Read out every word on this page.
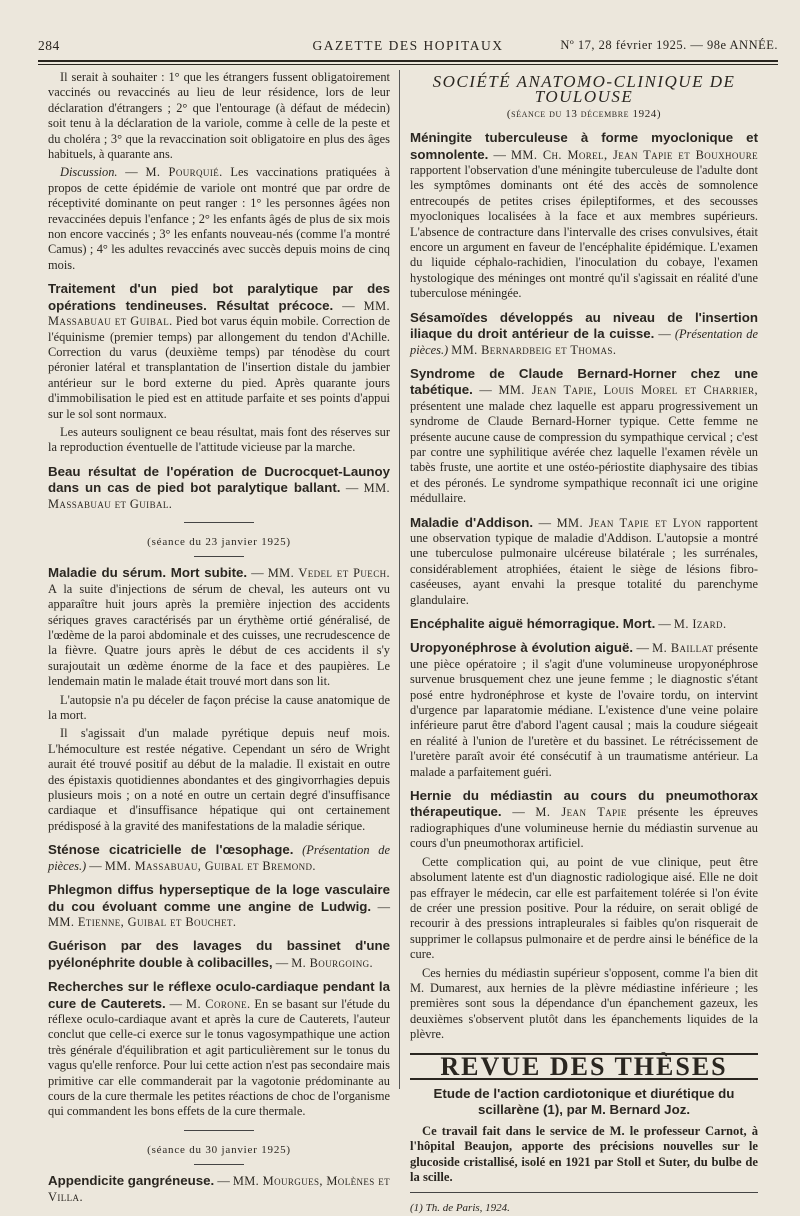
284	GAZETTE DES HOPITAUX	Nº 17, 28 février 1925. — 98e ANNÉE.

Il serait à souhaiter : 1° que les étrangers fussent obligatoirement vaccinés ou revaccinés au lieu de leur résidence, lors de leur déclaration d'étrangers ; 2° que l'entourage (à défaut de médecin) soit tenu à la déclaration de la variole, comme à celle de la peste et du choléra ; 3° que la revaccination soit obligatoire en plus des âges habituels, à quarante ans.

Discussion. — M. Pourquié. Les vaccinations pratiquées à propos de cette épidémie de variole ont montré que par ordre de réceptivité dominante on peut ranger : 1° les personnes âgées non revaccinées depuis l'enfance ; 2° les enfants âgés de plus de six mois non encore vaccinés ; 3° les enfants nouveau-nés (comme l'a montré Camus) ; 4° les adultes revaccinés avec succès depuis moins de cinq mois.

Traitement d'un pied bot paralytique par des opérations tendineuses. Résultat précoce. — MM. Massabuau et Guibal. Pied bot varus équin mobile. Correction de l'équinisme (premier temps) par allongement du tendon d'Achille. Correction du varus (deuxième temps) par ténodèse du court péronier latéral et transplantation de l'insertion distale du jambier antérieur sur le bord externe du pied. Après quarante jours d'immobilisation le pied est en attitude parfaite et ses points d'appui sur le sol sont normaux.

Les auteurs soulignent ce beau résultat, mais font des réserves sur la reproduction éventuelle de l'attitude vicieuse par la marche.

Beau résultat de l'opération de Ducrocquet-Launoy dans un cas de pied bot paralytique ballant. — MM. Massabuau et Guibal.

(séance du 23 janvier 1925)

Maladie du sérum. Mort subite. — MM. Vedel et Puech. A la suite d'injections de sérum de cheval, les auteurs ont vu apparaître huit jours après la première injection des accidents sériques graves caractérisés par un érythème ortié généralisé, de l'œdème de la paroi abdominale et des cuisses, une recrudescence de la fièvre. Quatre jours après le début de ces accidents il s'y surajoutait un œdème énorme de la face et des paupières. Le lendemain matin le malade était trouvé mort dans son lit.

L'autopsie n'a pu déceler de façon précise la cause anatomique de la mort.

Il s'agissait d'un malade pyrétique depuis neuf mois. L'hémoculture est restée négative. Cependant un séro de Wright aurait été trouvé positif au début de la maladie. Il existait en outre des épistaxis quotidiennes abondantes et des gingivorrhagies depuis plusieurs mois ; on a noté en outre un certain degré d'insuffisance cardiaque et d'insuffisance hépatique qui ont certainement prédisposé à la gravité des manifestations de la maladie sérique.

Sténose cicatricielle de l'œsophage. (Présentation de pièces.) — MM. Massabuau, Guibal et Bremond.

Phlegmon diffus hyperseptique de la loge vasculaire du cou évoluant comme une angine de Ludwig. — MM. Etienne, Guibal et Bouchet.

Guérison par des lavages du bassinet d'une pyélonéphrite double à colibacilles, — M. Bourgoing.

Recherches sur le réflexe oculo-cardiaque pendant la cure de Cauterets. — M. Corone. En se basant sur l'étude du réflexe oculo-cardiaque avant et après la cure de Cauterets, l'auteur conclut que celle-ci exerce sur le tonus vagosympathique une action très générale d'équilibration et agit particulièrement sur le tonus du vagus qu'elle renforce. Pour lui cette action n'est pas secondaire mais primitive car elle commanderait par la vagotonie prédominante au cours de la cure thermale les petites réactions de choc de l'organisme qui commandent les bons effets de la cure thermale.

(séance du 30 janvier 1925)

Appendicite gangréneuse. — MM. Mourgues, Molènes et Villa.

SOCIÉTÉ ANATOMO-CLINIQUE DE TOULOUSE

(séance du 13 décembre 1924)

Méningite tuberculeuse à forme myoclonique et somnolente. — MM. Ch. Morel, Jean Tapie et Bouxhoure rapportent l'observation d'une méningite tuberculeuse de l'adulte dont les symptômes dominants ont été des accès de somnolence entrecoupés de petites crises épileptiformes, et des secousses myocloniques localisées à la face et aux membres supérieurs. L'absence de contracture dans l'intervalle des crises convulsives, était encore un argument en faveur de l'encéphalite épidémique. L'examen du liquide céphalo-rachidien, l'inoculation du cobaye, l'examen hystologique des méninges ont montré qu'il s'agissait en réalité d'une tuberculose méningée.

Sésamoïdes développés au niveau de l'insertion iliaque du droit antérieur de la cuisse. — (Présentation de pièces.) MM. Bernardbeig et Thomas.

Syndrome de Claude Bernard-Horner chez une tabétique. — MM. Jean Tapie, Louis Morel et Charrier, présentent une malade chez laquelle est apparu progressivement un syndrome de Claude Bernard-Horner typique. Cette femme ne présente aucune cause de compression du sympathique cervical ; c'est par contre une syphilitique avérée chez laquelle l'examen révèle un tabès fruste, une aortite et une ostéo-périostite diaphysaire des tibias et des péronés. Le syndrome sympathique reconnaît ici une origine médullaire.

Maladie d'Addison. — MM. Jean Tapie et Lyon rapportent une observation typique de maladie d'Addison. L'autopsie a montré une tuberculose pulmonaire ulcéreuse bilatérale ; les surrénales, considérablement atrophiées, étaient le siège de lésions fibro-caséeuses, ayant envahi la presque totalité du parenchyme glandulaire.

Encéphalite aiguë hémorragique. Mort. — M. Izard.

Uropyonéphrose à évolution aiguë. — M. Baillat présente une pièce opératoire ; il s'agit d'une volumineuse uropyonéphrose survenue brusquement chez une jeune femme ; le diagnostic s'étant posé entre hydronéphrose et kyste de l'ovaire tordu, on intervint d'urgence par laparatomie médiane. L'existence d'une veine polaire inférieure parut être d'abord l'agent causal ; mais la coudure siégeait en réalité à l'union de l'uretère et du bassinet. Le rétrécissement de l'uretère paraît avoir été consécutif à un traumatisme antérieur. La malade a parfaitement guéri.

Hernie du médiastin au cours du pneumothorax thérapeutique. — M. Jean Tapie présente les épreuves radiographiques d'une volumineuse hernie du médiastin survenue au cours d'un pneumothorax artificiel.

Cette complication qui, au point de vue clinique, peut être absolument latente est d'un diagnostic radiologique aisé. Elle ne doit pas effrayer le médecin, car elle est parfaitement tolérée si l'on évite de créer une pression positive. Pour la réduire, on serait obligé de recourir à des pressions intrapleurales si faibles qu'on risquerait de supprimer le collapsus pulmonaire et de perdre ainsi le bénéfice de la cure.

Ces hernies du médiastin supérieur s'opposent, comme l'a bien dit M. Dumarest, aux hernies de la plèvre médiastine inférieure ; les premières sont sous la dépendance d'un épanchement gazeux, les deuxièmes s'observent plutôt dans les épanchements liquides de la plèvre.

REVUE DES THÈSES

Etude de l'action cardiotonique et diurétique du scillarène (1), par M. Bernard Joz.

Ce travail fait dans le service de M. le professeur Carnot, à l'hôpital Beaujon, apporte des précisions nouvelles sur le glucoside cristallisé, isolé en 1921 par Stoll et Suter, du bulbe de la scille.

(1) Th. de Paris, 1924.
